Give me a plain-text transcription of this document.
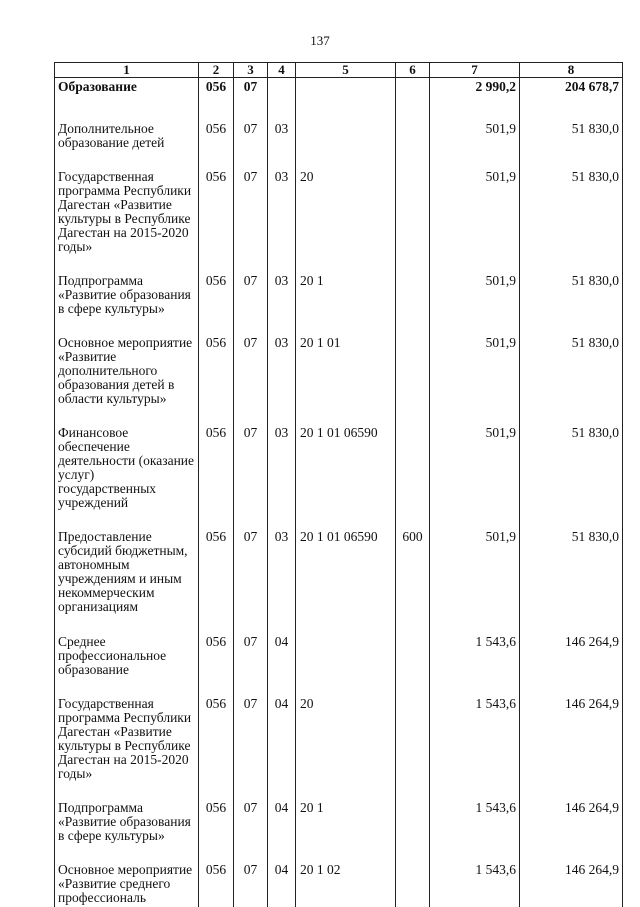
137
1	2	3	4	5	6	7	8
Образование	056	07				2 990,2	204 678,7
Дополнительное образование детей	056	07	03			501,9	51 830,0
Государственная программа Республики Дагестан «Развитие культуры в Республике Дагестан на 2015-2020 годы»	056	07	03	20		501,9	51 830,0
Подпрограмма «Развитие образования в сфере культуры»	056	07	03	20 1		501,9	51 830,0
Основное мероприятие «Развитие дополнительного образования детей в области культуры»	056	07	03	20 1 01		501,9	51 830,0
Финансовое обеспечение деятельности (оказание услуг) государственных учреждений	056	07	03	20 1 01 06590		501,9	51 830,0
Предоставление субсидий бюджетным, автономным учреждениям и иным некоммерческим организациям	056	07	03	20 1 01 06590	600	501,9	51 830,0
Среднее профессиональное образование	056	07	04			1 543,6	146 264,9
Государственная программа Республики Дагестан «Развитие культуры в Республике Дагестан на 2015-2020 годы»	056	07	04	20		1 543,6	146 264,9
Подпрограмма «Развитие образования в сфере культуры»	056	07	04	20 1		1 543,6	146 264,9
Основное мероприятие «Развитие среднего профессиональ	056	07	04	20 1 02		1 543,6	146 264,9
